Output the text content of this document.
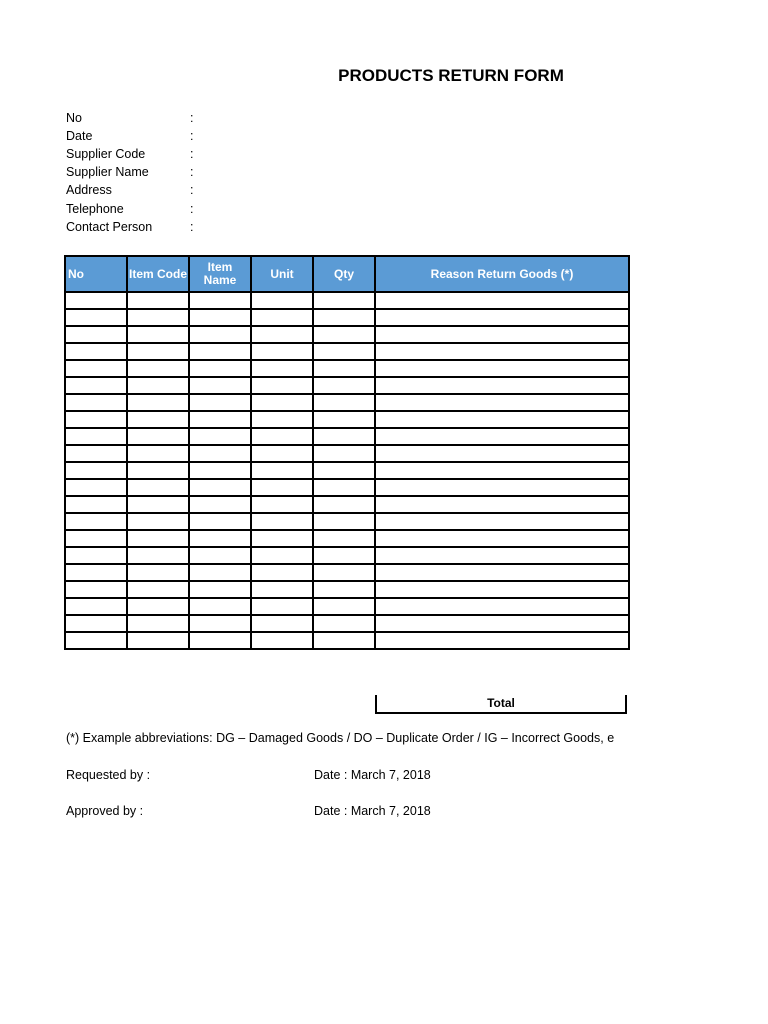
PRODUCTS RETURN FORM
No	:
Date	:
Supplier Code	:
Supplier Name	:
Address	:
Telephone	:
Contact Person	:
No	Item Code	Item Name	Unit	Qty	Reason Return Goods (*)

Total
(*) Example abbreviations: DG – Damaged Goods / DO – Duplicate Order / IG – Incorrect Goods, e
Requested by :	Date : March 7, 2018
Approved by :	Date : March 7, 2018
